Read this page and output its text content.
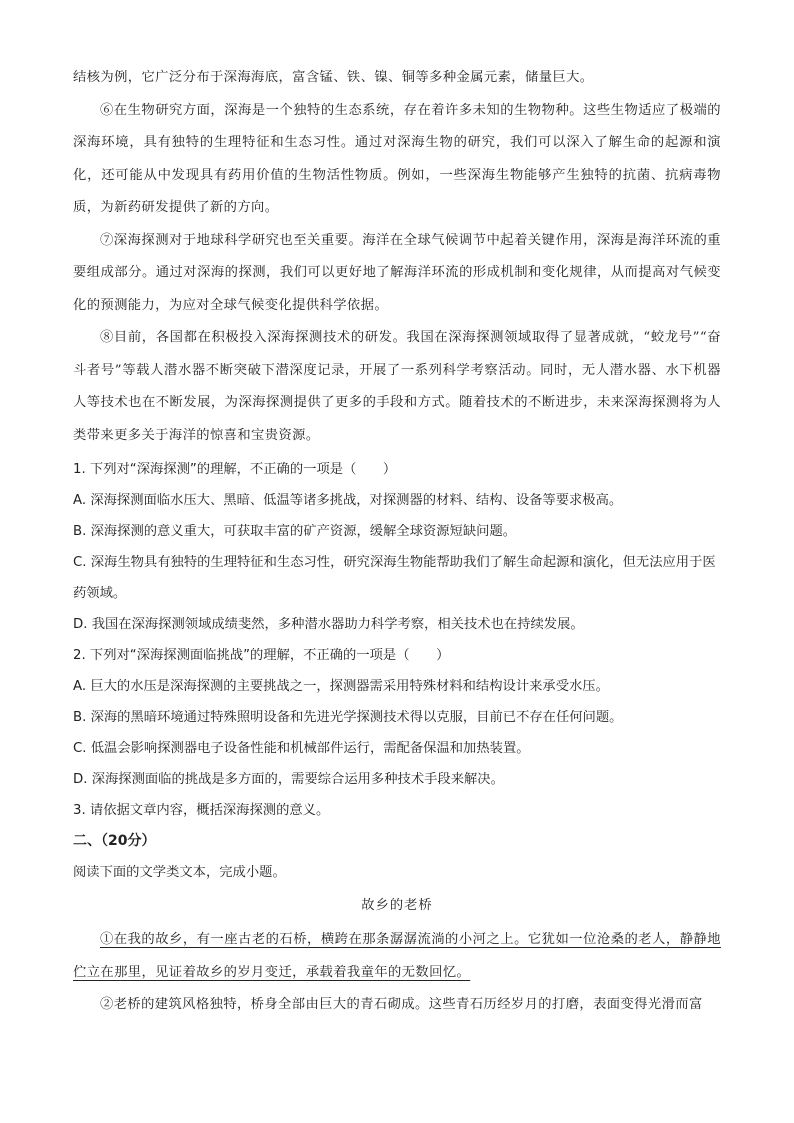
结核为例，它广泛分布于深海海底，富含锰、铁、镍、铜等多种金属元素，储量巨大。

⑥在生物研究方面，深海是一个独特的生态系统，存在着许多未知的生物物种。这些生物适应了极端的深海环境，具有独特的生理特征和生态习性。通过对深海生物的研究，我们可以深入了解生命的起源和演化，还可能从中发现具有药用价值的生物活性物质。例如，一些深海生物能够产生独特的抗菌、抗病毒物质，为新药研发提供了新的方向。

⑦深海探测对于地球科学研究也至关重要。海洋在全球气候调节中起着关键作用，深海是海洋环流的重要组成部分。通过对深海的探测，我们可以更好地了解海洋环流的形成机制和变化规律，从而提高对气候变化的预测能力，为应对全球气候变化提供科学依据。

⑧目前，各国都在积极投入深海探测技术的研发。我国在深海探测领域取得了显著成就，“蛟龙号”“奋斗者号”等载人潜水器不断突破下潜深度记录，开展了一系列科学考察活动。同时，无人潜水器、水下机器人等技术也在不断发展，为深海探测提供了更多的手段和方式。随着技术的不断进步，未来深海探测将为人类带来更多关于海洋的惊喜和宝贵资源。

1. 下列对“深海探测”的理解，不正确的一项是（　　）

A. 深海探测面临水压大、黑暗、低温等诸多挑战，对探测器的材料、结构、设备等要求极高。

B. 深海探测的意义重大，可获取丰富的矿产资源，缓解全球资源短缺问题。

C. 深海生物具有独特的生理特征和生态习性，研究深海生物能帮助我们了解生命起源和演化，但无法应用于医药领域。

D. 我国在深海探测领域成绩斐然，多种潜水器助力科学考察，相关技术也在持续发展。

2. 下列对“深海探测面临挑战”的理解，不正确的一项是（　　）

A. 巨大的水压是深海探测的主要挑战之一，探测器需采用特殊材料和结构设计来承受水压。

B. 深海的黑暗环境通过特殊照明设备和先进光学探测技术得以克服，目前已不存在任何问题。

C. 低温会影响探测器电子设备性能和机械部件运行，需配备保温和加热装置。

D. 深海探测面临的挑战是多方面的，需要综合运用多种技术手段来解决。

3. 请依据文章内容，概括深海探测的意义。

二、（20分）

阅读下面的文学类文本，完成小题。

故乡的老桥

①在我的故乡，有一座古老的石桥，横跨在那条潺潺流淌的小河之上。它犹如一位沧桑的老人，静静地伫立在那里，见证着故乡的岁月变迁，承载着我童年的无数回忆。

②老桥的建筑风格独特，桥身全部由巨大的青石砌成。这些青石历经岁月的打磨，表面变得光滑而富
